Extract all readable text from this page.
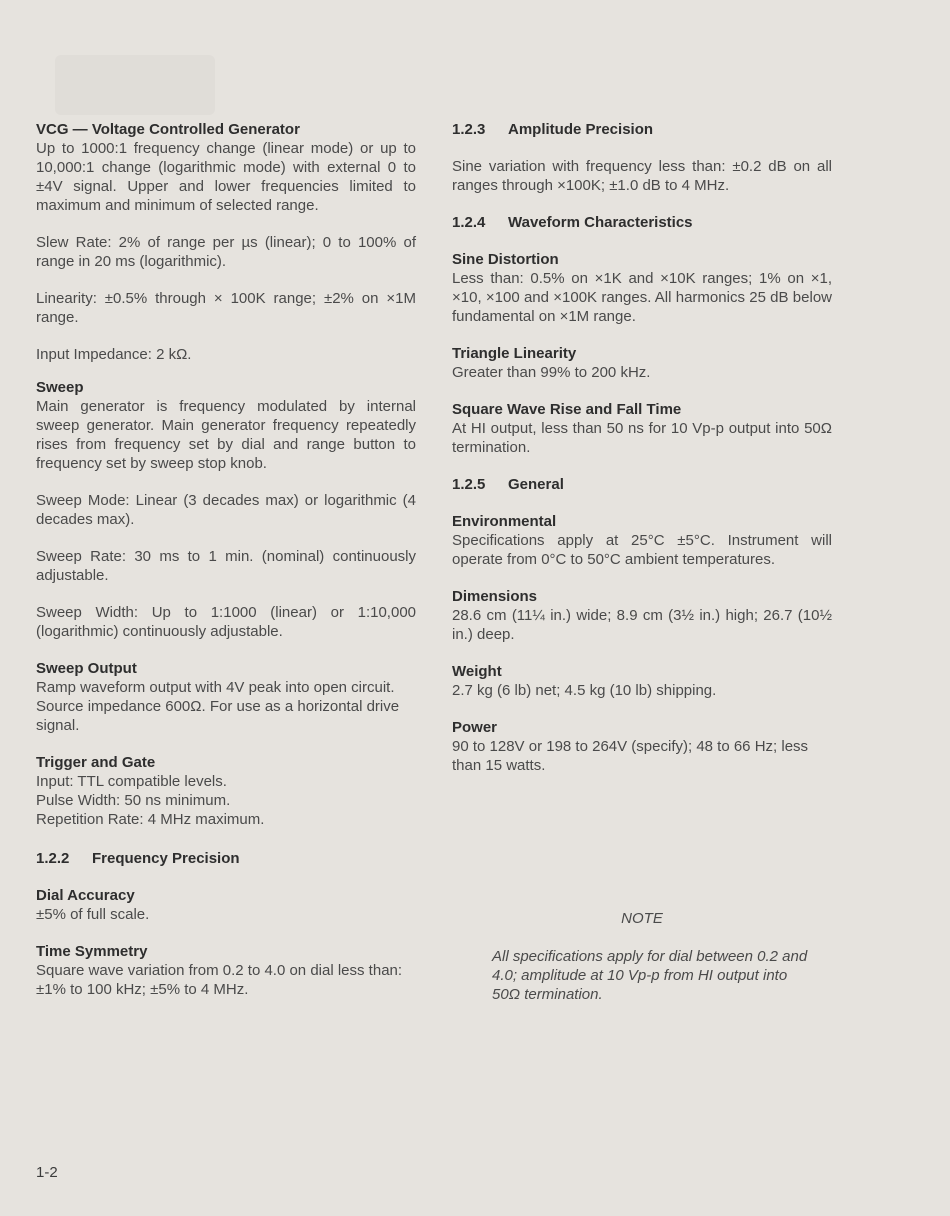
VCG — Voltage Controlled Generator

Up to 1000:1 frequency change (linear mode) or up to 10,000:1 change (logarithmic mode) with external 0 to ±4V signal. Upper and lower frequencies limited to maximum and minimum of selected range.

Slew Rate: 2% of range per µs (linear); 0 to 100% of range in 20 ms (logarithmic).

Linearity: ±0.5% through × 100K range; ±2% on ×1M range.

Input Impedance: 2 kΩ.

Sweep

Main generator is frequency modulated by internal sweep generator. Main generator frequency repeatedly rises from frequency set by dial and range button to frequency set by sweep stop knob.

Sweep Mode: Linear (3 decades max) or logarithmic (4 decades max).

Sweep Rate: 30 ms to 1 min. (nominal) continuously adjustable.

Sweep Width: Up to 1:1000 (linear) or 1:10,000 (logarithmic) continuously adjustable.

Sweep Output

Ramp waveform output with 4V peak into open circuit. Source impedance 600Ω. For use as a horizontal drive signal.

Trigger and Gate

Input: TTL compatible levels.

Pulse Width: 50 ns minimum.

Repetition Rate: 4 MHz maximum.

1.2.2 Frequency Precision
Dial Accuracy

±5% of full scale.

Time Symmetry

Square wave variation from 0.2 to 4.0 on dial less than: ±1% to 100 kHz; ±5% to 4 MHz.

1.2.3 Amplitude Precision

Sine variation with frequency less than: ±0.2 dB on all ranges through ×100K; ±1.0 dB to 4 MHz.

1.2.4 Waveform Characteristics
Sine Distortion

Less than: 0.5% on ×1K and ×10K ranges; 1% on ×1, ×10, ×100 and ×100K ranges. All harmonics 25 dB below fundamental on ×1M range.

Triangle Linearity

Greater than 99% to 200 kHz.

Square Wave Rise and Fall Time

At HI output, less than 50 ns for 10 Vp-p output into 50Ω termination.

1.2.5 General
Environmental

Specifications apply at 25°C ±5°C. Instrument will operate from 0°C to 50°C ambient temperatures.

Dimensions

28.6 cm (11¼ in.) wide; 8.9 cm (3½ in.) high; 26.7 (10½ in.) deep.

Weight

2.7 kg (6 lb) net; 4.5 kg (10 lb) shipping.

Power

90 to 128V or 198 to 264V (specify); 48 to 66 Hz; less than 15 watts.

NOTE
All specifications apply for dial between 0.2 and 4.0; amplitude at 10 Vp-p from HI output into 50Ω termination.
1-2
